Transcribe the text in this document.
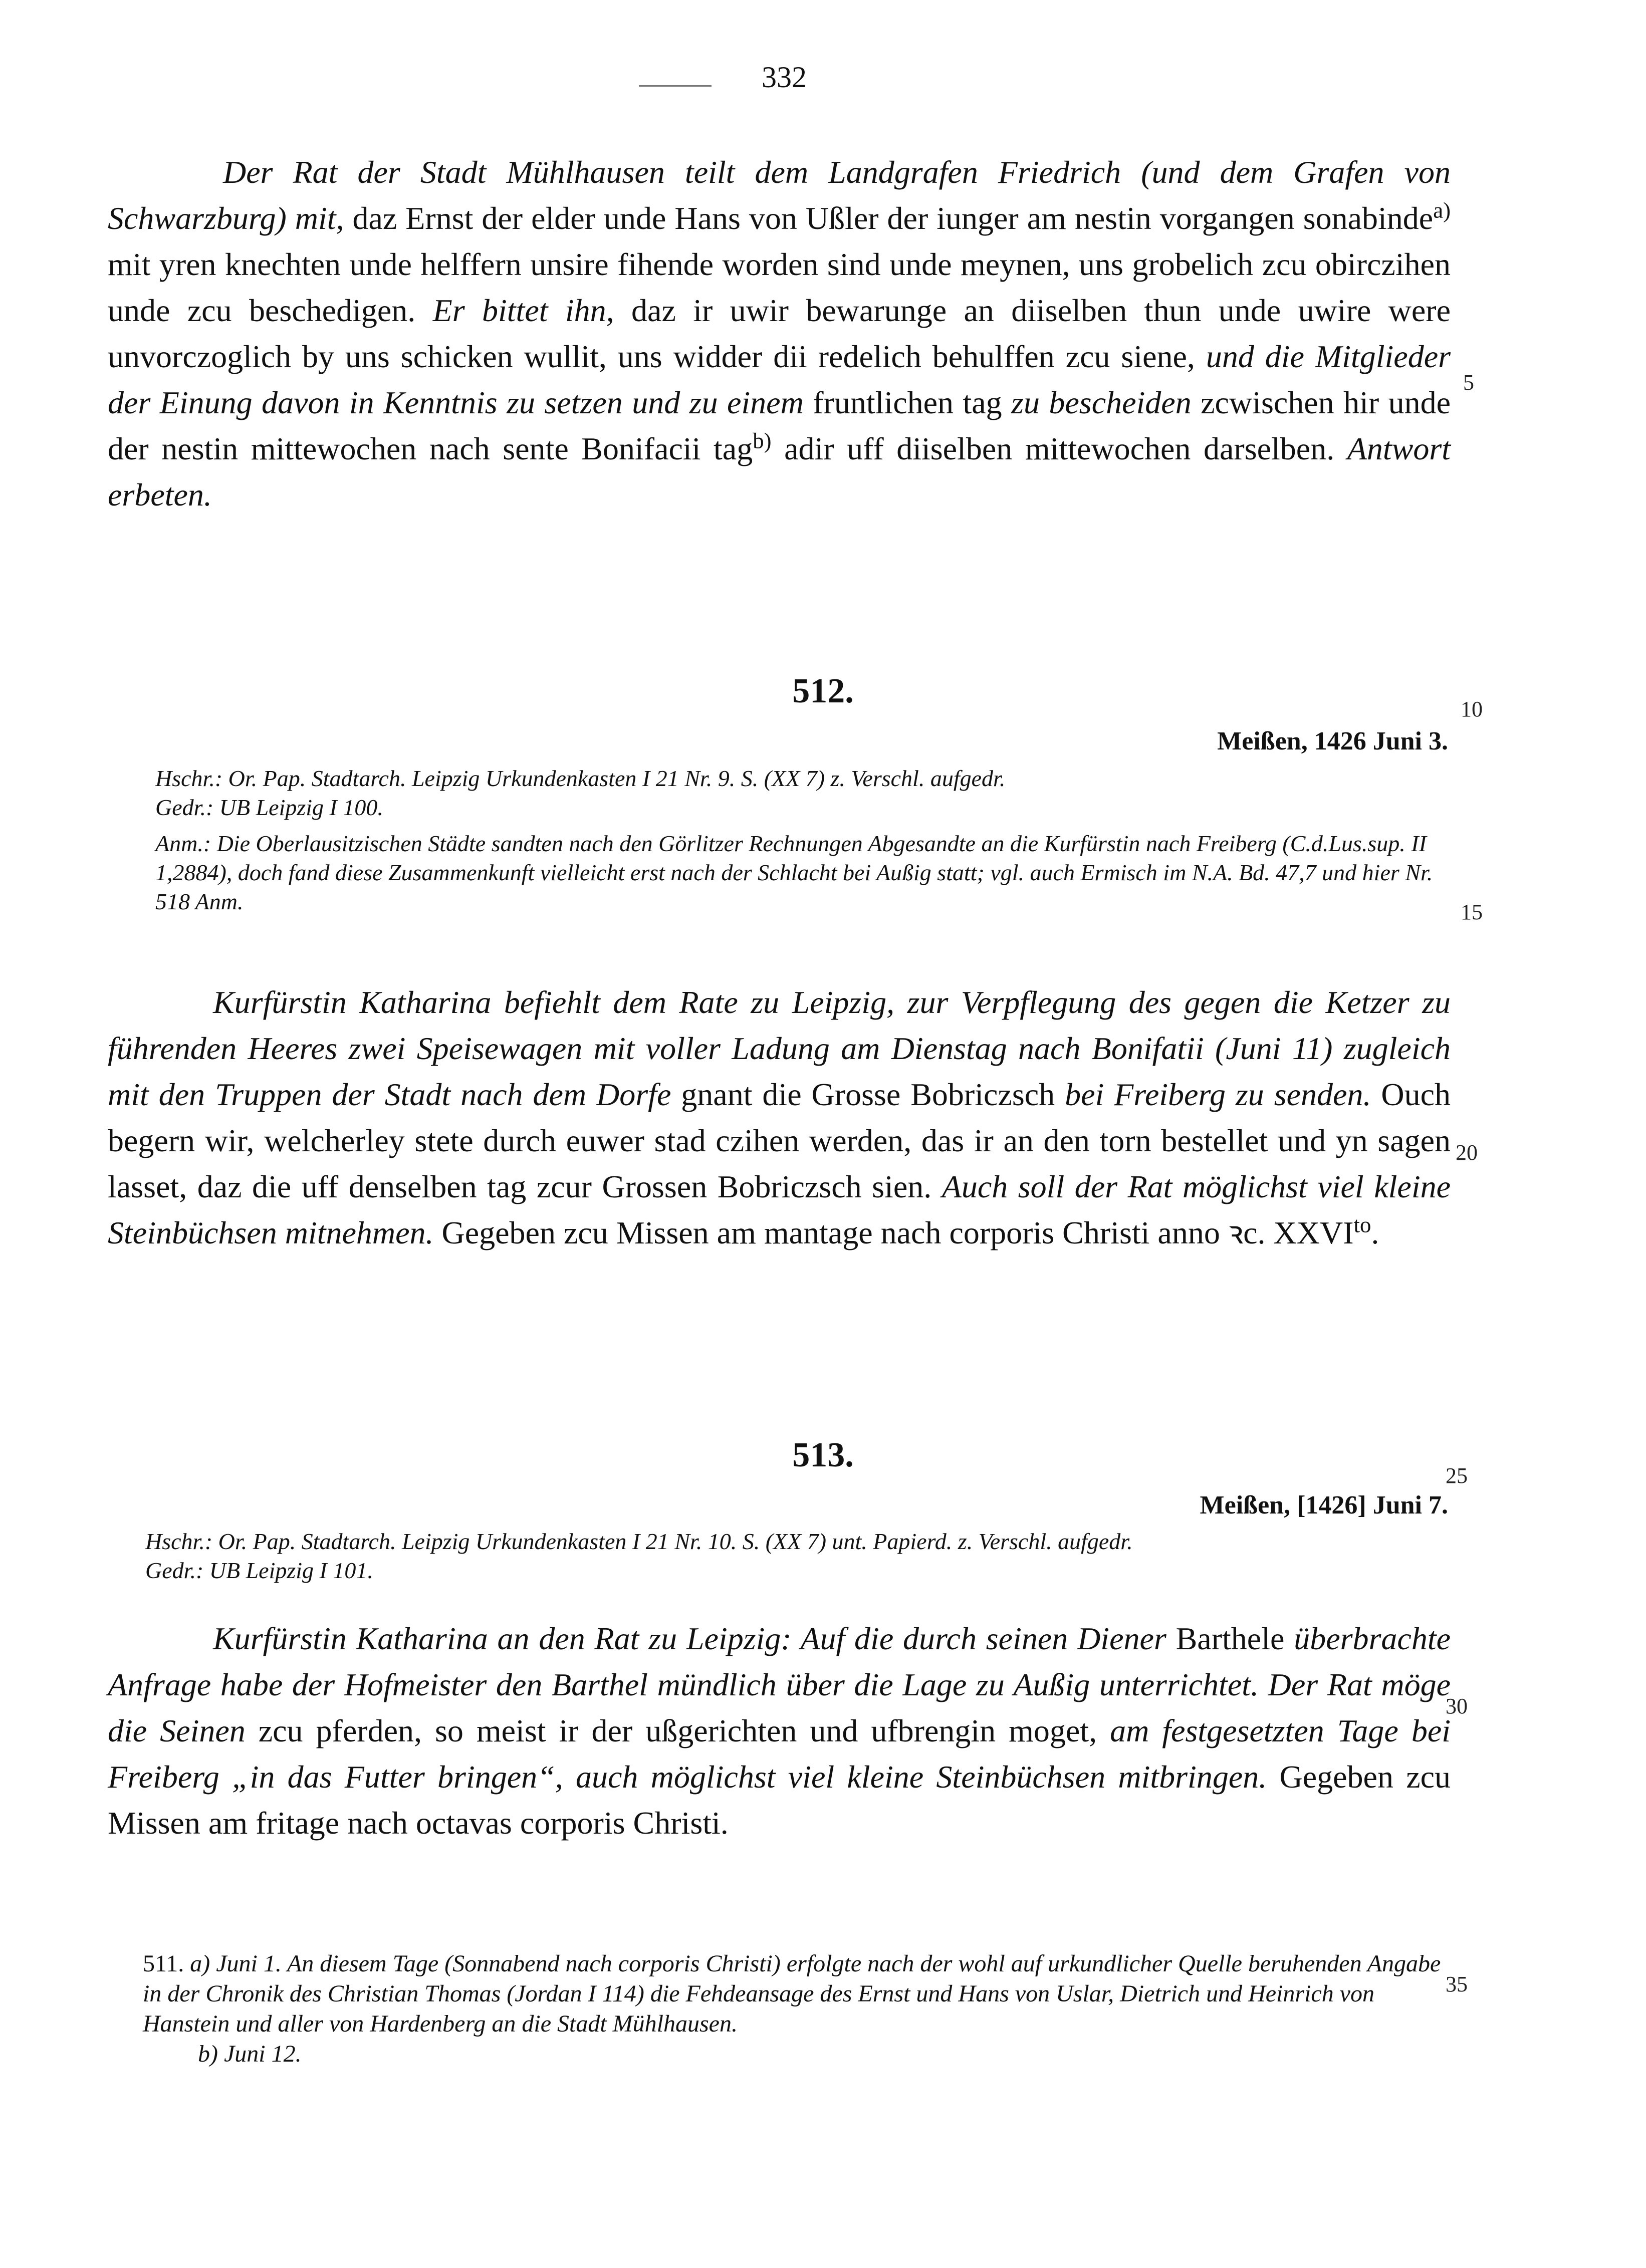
332
Der Rat der Stadt Mühlhausen teilt dem Landgrafen Friedrich (und dem Grafen von Schwarzburg) mit, daz Ernst der elder unde Hans von Ußler der iunger am nestin vorgangen sonabinde$^{a)}$ mit yren knechten unde helffern unsire fihende worden sind unde meynen, uns grobelich zcu obirczihen unde zcu beschedigen. Er bittet ihn, daz ir uwir bewarunge an diiselben thun unde uwire were unvorczoglich by uns schicken wullit, uns widder dii redelich behulffen zcu siene, und die Mitglieder der Einung davon in Kenntnis zu setzen und zu einem fruntlichen tag zu bescheiden zcwischen hir unde der nestin mittewochen nach sente Bonifacii tag$^{b)}$ adir uff diiselben mittewochen darselben. Antwort erbeten.
512.
Meißen, 1426 Juni 3.
Hschr.: Or. Pap. Stadtarch. Leipzig Urkundenkasten I 21 Nr. 9. S. (XX 7) z. Verschl. aufgedr.
Gedr.: UB Leipzig I 100.
Anm.: Die Oberlausitzischen Städte sandten nach den Görlitzer Rechnungen Abgesandte an die Kurfürstin nach Freiberg (C.d.Lus.sup. II 1,2884), doch fand diese Zusammenkunft vielleicht erst nach der Schlacht bei Außig statt; vgl. auch Ermisch im N.A. Bd. 47,7 und hier Nr. 518 Anm.
Kurfürstin Katharina befiehlt dem Rate zu Leipzig, zur Verpflegung des gegen die Ketzer zu führenden Heeres zwei Speisewagen mit voller Ladung am Dienstag nach Bonifatii (Juni 11) zugleich mit den Truppen der Stadt nach dem Dorfe gnant die Grosse Bobriczsch bei Freiberg zu senden. Ouch begern wir, welcherley stete durch euwer stad czihen werden, das ir an den torn bestellet und yn sagen lasset, daz die uff denselben tag zcur Grossen Bobriczsch sien. Auch soll der Rat möglichst viel kleine Steinbüchsen mitnehmen. Gegeben zcu Missen am mantage nach corporis Christi anno ꝛc. $XXVI^{to}$.
513.
Meißen, [1426] Juni 7.
Hschr.: Or. Pap. Stadtarch. Leipzig Urkundenkasten I 21 Nr. 10. S. (XX 7) unt. Papierd. z. Verschl. aufgedr.
Gedr.: UB Leipzig I 101.
Kurfürstin Katharina an den Rat zu Leipzig: Auf die durch seinen Diener Barthele überbrachte Anfrage habe der Hofmeister den Barthel mündlich über die Lage zu Außig unterrichtet. Der Rat möge die Seinen zcu pferden, so meist ir der ußgerichten und ufbrengin moget, am festgesetzten Tage bei Freiberg „in das Futter bringen“, auch möglichst viel kleine Steinbüchsen mitbringen. Gegeben zcu Missen am fritage nach octavas corporis Christi.
511. a) Juni 1. An diesem Tage (Sonnabend nach corporis Christi) erfolgte nach der wohl auf urkundlicher Quelle beruhenden Angabe in der Chronik des Christian Thomas (Jordan I 114) die Fehdeansage des Ernst und Hans von Uslar, Dietrich und Heinrich von Hanstein und aller von Hardenberg an die Stadt Mühlhausen.
b) Juni 12.
5
10
15
20
25
30
35
